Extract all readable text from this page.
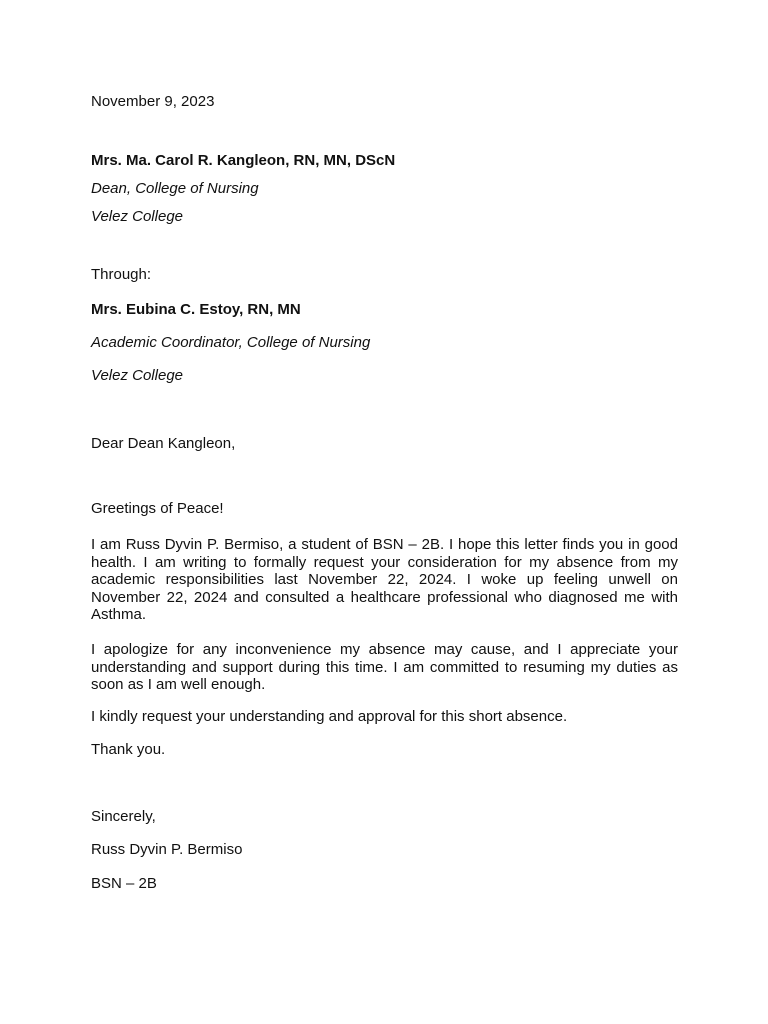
November 9, 2023
Mrs. Ma. Carol R. Kangleon, RN, MN, DScN
Dean, College of Nursing
Velez College
Through:
Mrs. Eubina C. Estoy, RN, MN
Academic Coordinator, College of Nursing
Velez College
Dear Dean Kangleon,
Greetings of Peace!
I am Russ Dyvin P. Bermiso, a student of BSN – 2B. I hope this letter finds you in good health. I am writing to formally request your consideration for my absence from my academic responsibilities last November 22, 2024. I woke up feeling unwell on November 22, 2024 and consulted a healthcare professional who diagnosed me with Asthma.
I apologize for any inconvenience my absence may cause, and I appreciate your understanding and support during this time. I am committed to resuming my duties as soon as I am well enough.
I kindly request your understanding and approval for this short absence.
Thank you.
Sincerely,
Russ Dyvin P. Bermiso
BSN – 2B
